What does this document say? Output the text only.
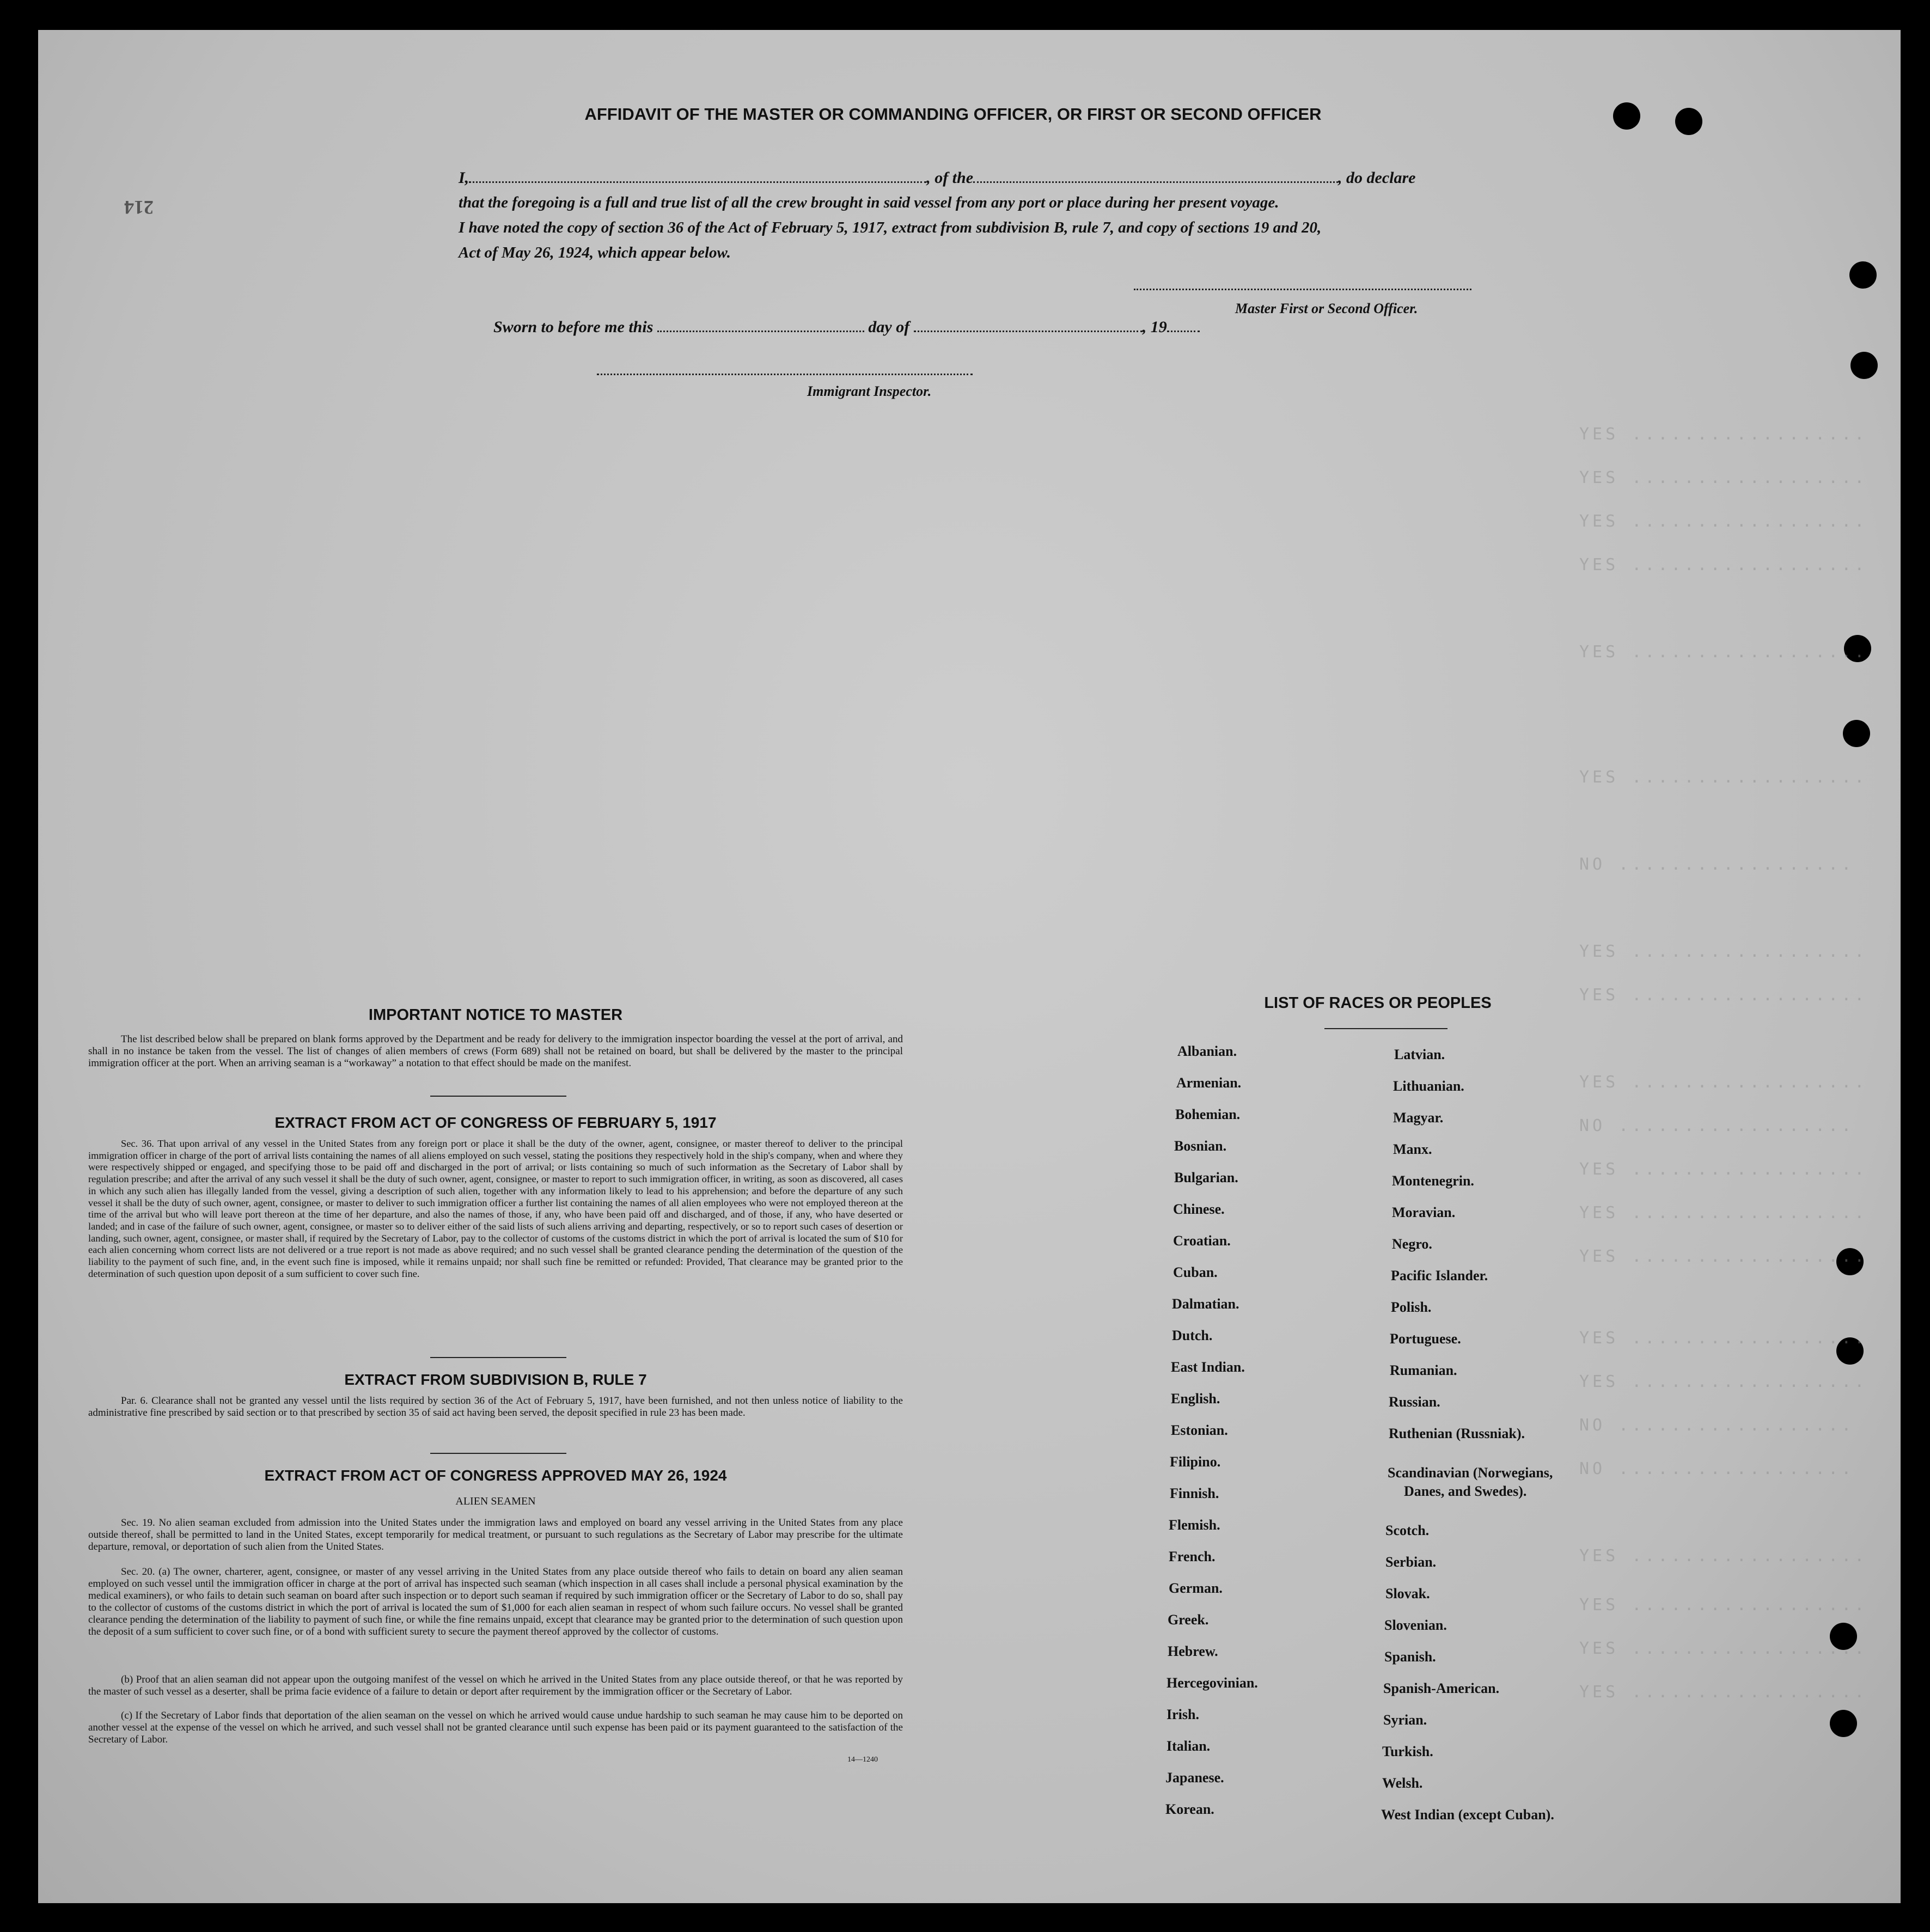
YES ..................
YES ..................
YES ..................
YES ..................
YES ..................
YES ..................
NO ..................
YES ..................
YES ..................
YES ..................
NO ..................
YES ..................
YES ..................
YES ..................
YES ..................
YES ..................
NO ..................
NO ..................
YES ..................
YES ..................
YES ..................
YES ..................
214
AFFIDAVIT OF THE MASTER OR COMMANDING OFFICER, OR FIRST OR SECOND OFFICER
I,	, of the	, do declare
that the foregoing is a full and true list of all the crew brought in said vessel from any port or place during her present voyage.
I have noted the copy of section 36 of the Act of February 5, 1917, extract from subdivision B, rule 7, and copy of sections 19 and 20,
Act of May 26, 1924, which appear below.
Master First or Second Officer.
Sworn to before me this	day of	, 19
Immigrant Inspector.
IMPORTANT NOTICE TO MASTER
The list described below shall be prepared on blank forms approved by the Department and be ready for delivery to the immigration inspector boarding the vessel at the port of arrival, and shall in no instance be taken from the vessel. The list of changes of alien members of crews (Form 689) shall not be retained on board, but shall be delivered by the master to the principal immigration officer at the port. When an arriving seaman is a “workaway” a notation to that effect should be made on the manifest.
EXTRACT FROM ACT OF CONGRESS OF FEBRUARY 5, 1917
Sec. 36. That upon arrival of any vessel in the United States from any foreign port or place it shall be the duty of the owner, agent, consignee, or master thereof to deliver to the principal immigration officer in charge of the port of arrival lists containing the names of all aliens employed on such vessel, stating the positions they respectively hold in the ship's company, when and where they were respectively shipped or engaged, and specifying those to be paid off and discharged in the port of arrival; or lists containing so much of such information as the Secretary of Labor shall by regulation prescribe; and after the arrival of any such vessel it shall be the duty of such owner, agent, consignee, or master to report to such immigration officer, in writing, as soon as discovered, all cases in which any such alien has illegally landed from the vessel, giving a description of such alien, together with any information likely to lead to his apprehension; and before the departure of any such vessel it shall be the duty of such owner, agent, consignee, or master to deliver to such immigration officer a further list containing the names of all alien employees who were not employed thereon at the time of the arrival but who will leave port thereon at the time of her departure, and also the names of those, if any, who have been paid off and discharged, and of those, if any, who have deserted or landed; and in case of the failure of such owner, agent, consignee, or master so to deliver either of the said lists of such aliens arriving and departing, respectively, or so to report such cases of desertion or landing, such owner, agent, consignee, or master shall, if required by the Secretary of Labor, pay to the collector of customs of the customs district in which the port of arrival is located the sum of $10 for each alien concerning whom correct lists are not delivered or a true report is not made as above required; and no such vessel shall be granted clearance pending the determination of the question of the liability to the payment of such fine, and, in the event such fine is imposed, while it remains unpaid; nor shall such fine be remitted or refunded: Provided, That clearance may be granted prior to the determination of such question upon deposit of a sum sufficient to cover such fine.
EXTRACT FROM SUBDIVISION B, RULE 7
Par. 6. Clearance shall not be granted any vessel until the lists required by section 36 of the Act of February 5, 1917, have been furnished, and not then unless notice of liability to the administrative fine prescribed by said section or to that prescribed by section 35 of said act having been served, the deposit specified in rule 23 has been made.
EXTRACT FROM ACT OF CONGRESS APPROVED MAY 26, 1924
ALIEN SEAMEN
Sec. 19. No alien seaman excluded from admission into the United States under the immigration laws and employed on board any vessel arriving in the United States from any place outside thereof, shall be permitted to land in the United States, except temporarily for medical treatment, or pursuant to such regulations as the Secretary of Labor may prescribe for the ultimate departure, removal, or deportation of such alien from the United States.
Sec. 20. (a) The owner, charterer, agent, consignee, or master of any vessel arriving in the United States from any place outside thereof who fails to detain on board any alien seaman employed on such vessel until the immigration officer in charge at the port of arrival has inspected such seaman (which inspection in all cases shall include a personal physical examination by the medical examiners), or who fails to detain such seaman on board after such inspection or to deport such seaman if required by such immigration officer or the Secretary of Labor to do so, shall pay to the collector of customs of the customs district in which the port of arrival is located the sum of $1,000 for each alien seaman in respect of whom such failure occurs. No vessel shall be granted clearance pending the determination of the liability to payment of such fine, or while the fine remains unpaid, except that clearance may be granted prior to the determination of such question upon the deposit of a sum sufficient to cover such fine, or of a bond with sufficient surety to secure the payment thereof approved by the collector of customs.
(b) Proof that an alien seaman did not appear upon the outgoing manifest of the vessel on which he arrived in the United States from any place outside thereof, or that he was reported by the master of such vessel as a deserter, shall be prima facie evidence of a failure to detain or deport after requirement by the immigration officer or the Secretary of Labor.
(c) If the Secretary of Labor finds that deportation of the alien seaman on the vessel on which he arrived would cause undue hardship to such seaman he may cause him to be deported on another vessel at the expense of the vessel on which he arrived, and such vessel shall not be granted clearance until such expense has been paid or its payment guaranteed to the satisfaction of the Secretary of Labor.
14—1240
LIST OF RACES OR PEOPLES
Albanian.
Armenian.
Bohemian.
Bosnian.
Bulgarian.
Chinese.
Croatian.
Cuban.
Dalmatian.
Dutch.
East Indian.
English.
Estonian.
Filipino.
Finnish.
Flemish.
French.
German.
Greek.
Hebrew.
Hercegovinian.
Irish.
Italian.
Japanese.
Korean.
Latvian.
Lithuanian.
Magyar.
Manx.
Montenegrin.
Moravian.
Negro.
Pacific Islander.
Polish.
Portuguese.
Rumanian.
Russian.
Ruthenian (Russniak).
Scandinavian (Norwegians,
Danes, and Swedes).
Scotch.
Serbian.
Slovak.
Slovenian.
Spanish.
Spanish-American.
Syrian.
Turkish.
Welsh.
West Indian (except Cuban).
